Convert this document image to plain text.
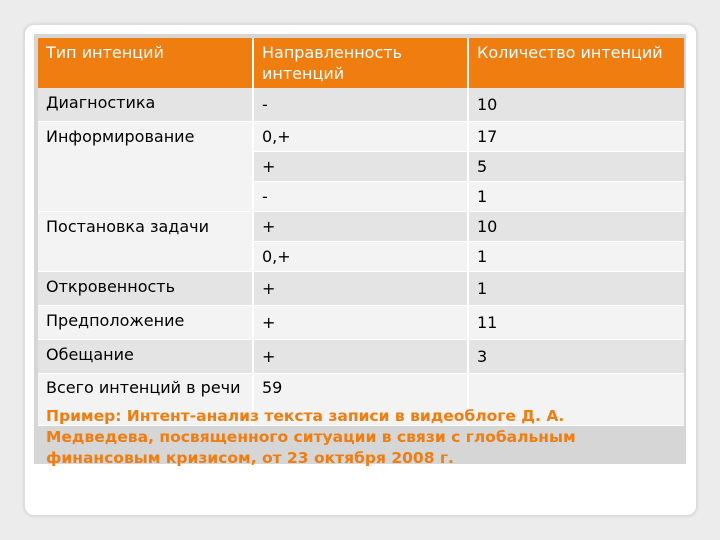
Тип интенций	Направленность интенций	Количество интенций
Диагностика	-	10
Информирование	0,+	17
	+	5
	-	1
Постановка задачи	+	10
	0,+	1
Откровенность	+	1
Предположение	+	11
Обещание	+	3
Всего интенций в речи	59	

Пример: Интент-анализ текста записи в видеоблоге Д. А. Медведева, посвященного ситуации в связи с глобальным финансовым кризисом, от 23 октября 2008 г.
